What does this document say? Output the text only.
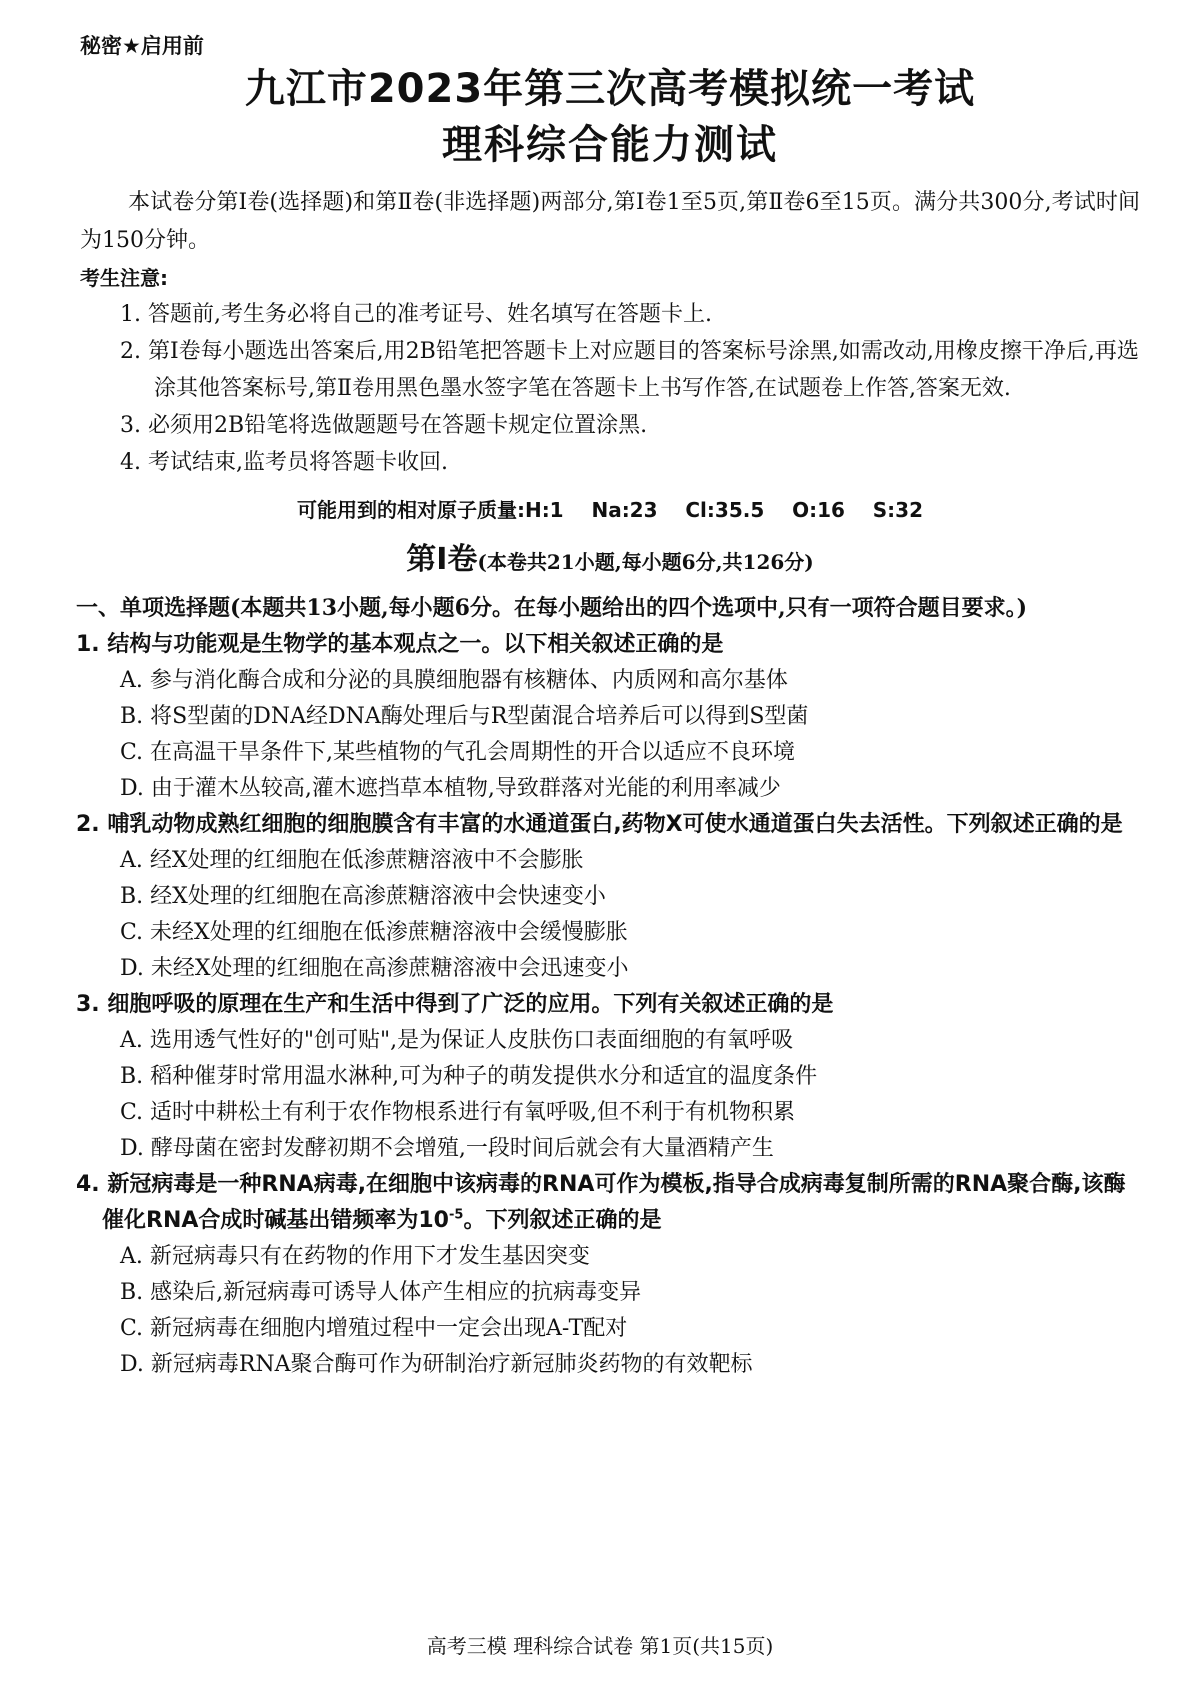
秘密★启用前
九江市2023年第三次高考模拟统一考试
理科综合能力测试
本试卷分第Ⅰ卷(选择题)和第Ⅱ卷(非选择题)两部分,第Ⅰ卷1至5页,第Ⅱ卷6至15页。满分共300分,考试时间为150分钟。
考生注意:
1. 答题前,考生务必将自己的准考证号、姓名填写在答题卡上.
2. 第Ⅰ卷每小题选出答案后,用2B铅笔把答题卡上对应题目的答案标号涂黑,如需改动,用橡皮擦干净后,再选涂其他答案标号,第Ⅱ卷用黑色墨水签字笔在答题卡上书写作答,在试题卷上作答,答案无效.
3. 必须用2B铅笔将选做题题号在答题卡规定位置涂黑.
4. 考试结束,监考员将答题卡收回.
可能用到的相对原子质量:H:1    Na:23    Cl:35.5    O:16    S:32
第Ⅰ卷(本卷共21小题,每小题6分,共126分)
一、单项选择题(本题共13小题,每小题6分。在每小题给出的四个选项中,只有一项符合题目要求。)
1. 结构与功能观是生物学的基本观点之一。以下相关叙述正确的是
A. 参与消化酶合成和分泌的具膜细胞器有核糖体、内质网和高尔基体
B. 将S型菌的DNA经DNA酶处理后与R型菌混合培养后可以得到S型菌
C. 在高温干旱条件下,某些植物的气孔会周期性的开合以适应不良环境
D. 由于灌木丛较高,灌木遮挡草本植物,导致群落对光能的利用率减少
2. 哺乳动物成熟红细胞的细胞膜含有丰富的水通道蛋白,药物X可使水通道蛋白失去活性。下列叙述正确的是
A. 经X处理的红细胞在低渗蔗糖溶液中不会膨胀
B. 经X处理的红细胞在高渗蔗糖溶液中会快速变小
C. 未经X处理的红细胞在低渗蔗糖溶液中会缓慢膨胀
D. 未经X处理的红细胞在高渗蔗糖溶液中会迅速变小
3. 细胞呼吸的原理在生产和生活中得到了广泛的应用。下列有关叙述正确的是
A. 选用透气性好的"创可贴",是为保证人皮肤伤口表面细胞的有氧呼吸
B. 稻种催芽时常用温水淋种,可为种子的萌发提供水分和适宜的温度条件
C. 适时中耕松土有利于农作物根系进行有氧呼吸,但不利于有机物积累
D. 酵母菌在密封发酵初期不会增殖,一段时间后就会有大量酒精产生
4. 新冠病毒是一种RNA病毒,在细胞中该病毒的RNA可作为模板,指导合成病毒复制所需的RNA聚合酶,该酶催化RNA合成时碱基出错频率为$10^{-5}$。下列叙述正确的是
A. 新冠病毒只有在药物的作用下才发生基因突变
B. 感染后,新冠病毒可诱导人体产生相应的抗病毒变异
C. 新冠病毒在细胞内增殖过程中一定会出现A-T配对
D. 新冠病毒RNA聚合酶可作为研制治疗新冠肺炎药物的有效靶标
高考三模 理科综合试卷 第1页(共15页)
